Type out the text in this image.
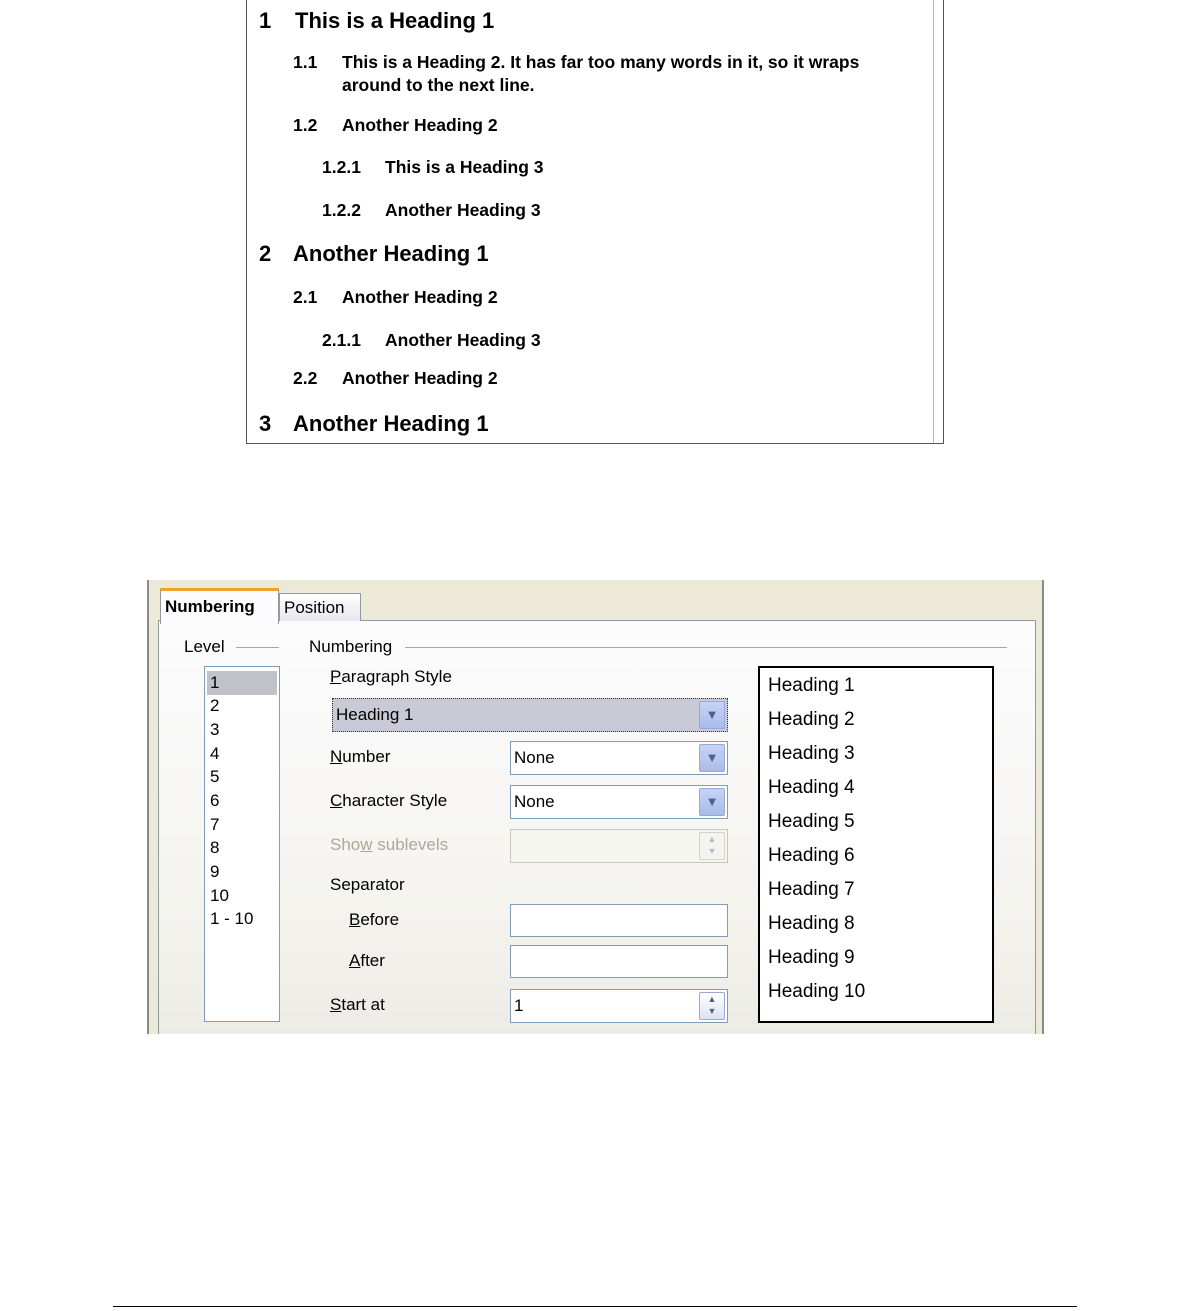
1 This is a Heading 1
1.1 This is a Heading 2. It has far too many words in it, so it wraps
around to the next line.
1.2 Another Heading 2
1.2.1 This is a Heading 3
1.2.2 Another Heading 3
2 Another Heading 1
2.1 Another Heading 2
2.1.1 Another Heading 3
2.2 Another Heading 2
3 Another Heading 1
Numbering	Position
Level
1
2
3
4
5
6
7
8
9
10
1 - 10
Numbering
Paragraph Style
Heading 1	▼
Number	None	▼
Character Style	None	▼
Show sublevels	▲
▼
Separator
Before
After
Start at	1	▲
▼
Heading 1
Heading 2
Heading 3
Heading 4
Heading 5
Heading 6
Heading 7
Heading 8
Heading 9
Heading 10
